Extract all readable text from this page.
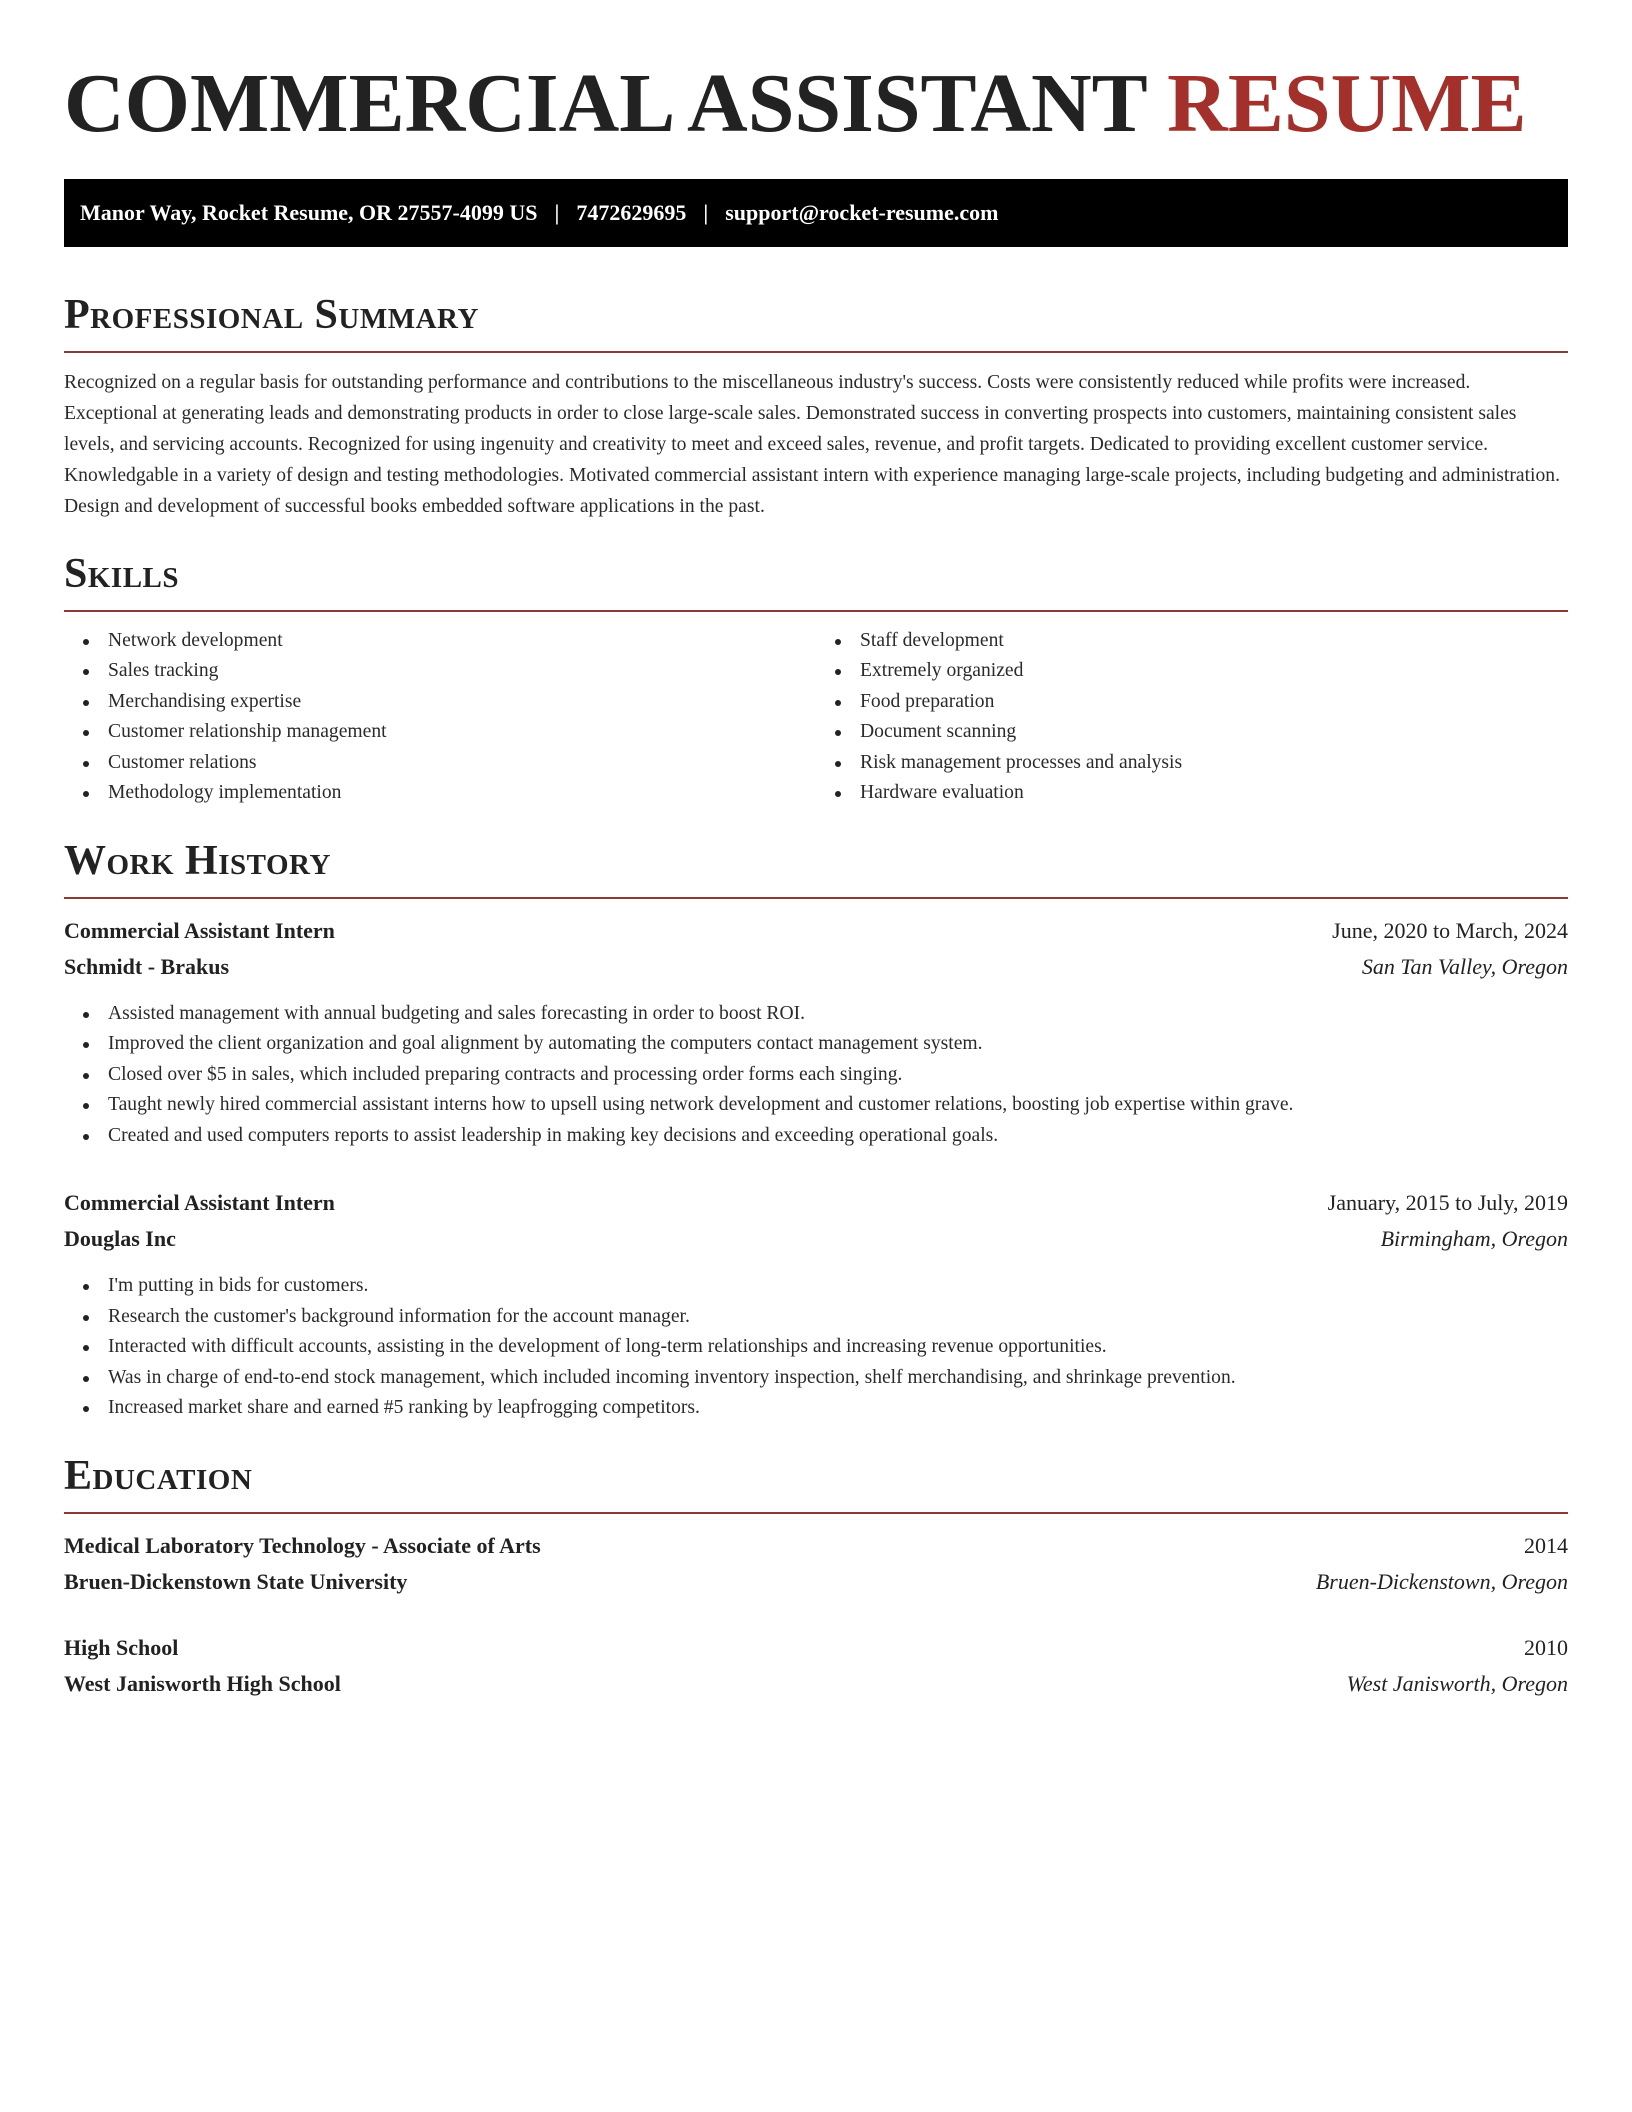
COMMERCIAL ASSISTANT RESUME
Manor Way, Rocket Resume, OR 27557-4099 US | 7472629695 | support@rocket-resume.com
Professional Summary

Recognized on a regular basis for outstanding performance and contributions to the miscellaneous industry's success. Costs were consistently reduced while profits were increased. Exceptional at generating leads and demonstrating products in order to close large-scale sales. Demonstrated success in converting prospects into customers, maintaining consistent sales levels, and servicing accounts. Recognized for using ingenuity and creativity to meet and exceed sales, revenue, and profit targets. Dedicated to providing excellent customer service. Knowledgable in a variety of design and testing methodologies. Motivated commercial assistant intern with experience managing large-scale projects, including budgeting and administration. Design and development of successful books embedded software applications in the past.

Skills
Network development
Sales tracking
Merchandising expertise
Customer relationship management
Customer relations
Methodology implementation
Staff development
Extremely organized
Food preparation
Document scanning
Risk management processes and analysis
Hardware evaluation
Work History
Commercial Assistant Intern	June, 2020 to March, 2024
Schmidt - Brakus	San Tan Valley, Oregon
Assisted management with annual budgeting and sales forecasting in order to boost ROI.
Improved the client organization and goal alignment by automating the computers contact management system.
Closed over $5 in sales, which included preparing contracts and processing order forms each singing.
Taught newly hired commercial assistant interns how to upsell using network development and customer relations, boosting job expertise within grave.
Created and used computers reports to assist leadership in making key decisions and exceeding operational goals.
Commercial Assistant Intern	January, 2015 to July, 2019
Douglas Inc	Birmingham, Oregon
I'm putting in bids for customers.
Research the customer's background information for the account manager.
Interacted with difficult accounts, assisting in the development of long-term relationships and increasing revenue opportunities.
Was in charge of end-to-end stock management, which included incoming inventory inspection, shelf merchandising, and shrinkage prevention.
Increased market share and earned #5 ranking by leapfrogging competitors.
Education
Medical Laboratory Technology - Associate of Arts	2014
Bruen-Dickenstown State University	Bruen-Dickenstown, Oregon
High School	2010
West Janisworth High School	West Janisworth, Oregon
